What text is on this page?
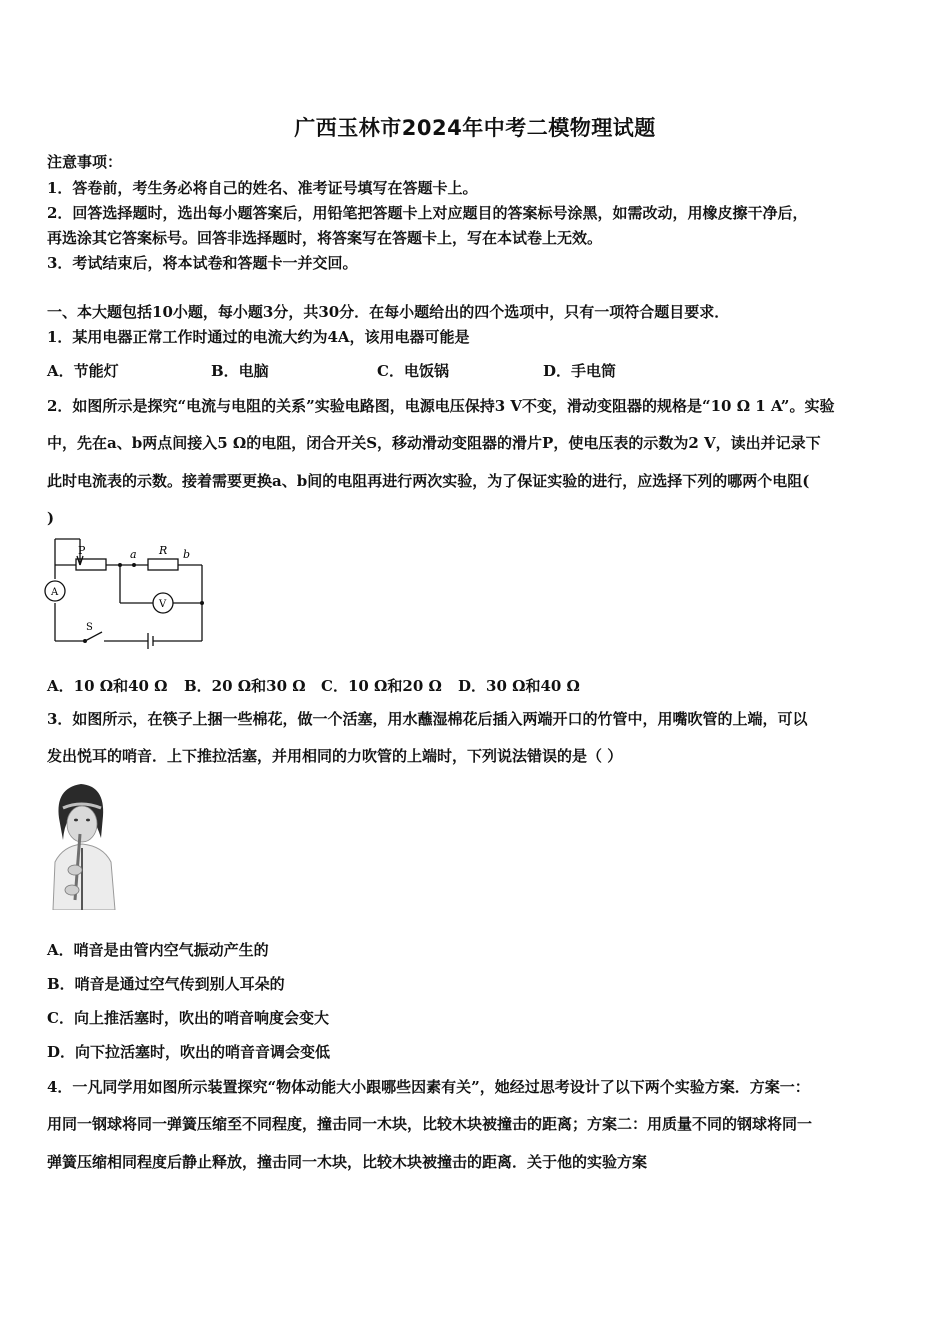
广西玉林市2024年中考二模物理试题
注意事项：
1．答卷前，考生务必将自己的姓名、准考证号填写在答题卡上。
2．回答选择题时，选出每小题答案后，用铅笔把答题卡上对应题目的答案标号涂黑，如需改动，用橡皮擦干净后，
再选涂其它答案标号。回答非选择题时，将答案写在答题卡上，写在本试卷上无效。
3．考试结束后，将本试卷和答题卡一并交回。
一、本大题包括10小题，每小题3分，共30分．在每小题给出的四个选项中，只有一项符合题目要求．
1．某用电器正常工作时通过的电流大约为4A，该用电器可能是
A．节能灯	B．电脑	C．电饭锅	D．手电筒
2．如图所示是探究“电流与电阻的关系”实验电路图，电源电压保持3 V不变，滑动变阻器的规格是“10 Ω 1 A”。实验
中，先在a、b两点间接入5 Ω的电阻，闭合开关S，移动滑动变阻器的滑片P，使电压表的示数为2 V，读出并记录下
此时电流表的示数。接着需要更换a、b间的电阻再进行两次实验，为了保证实验的进行，应选择下列的哪两个电阻(
)
P	a R b
A
V
S
A．10 Ω和40 Ω B．20 Ω和30 Ω C．10 Ω和20 Ω D．30 Ω和40 Ω
3．如图所示，在筷子上捆一些棉花，做一个活塞，用水蘸湿棉花后插入两端开口的竹管中，用嘴吹管的上端，可以
发出悦耳的哨音．上下推拉活塞，并用相同的力吹管的上端时，下列说法错误的是（ ）
A．哨音是由管内空气振动产生的
B．哨音是通过空气传到别人耳朵的
C．向上推活塞时，吹出的哨音响度会变大
D．向下拉活塞时，吹出的哨音音调会变低
4．一凡同学用如图所示装置探究“物体动能大小跟哪些因素有关”，她经过思考设计了以下两个实验方案．方案一：
用同一钢球将同一弹簧压缩至不同程度，撞击同一木块，比较木块被撞击的距离；方案二：用质量不同的钢球将同一
弹簧压缩相同程度后静止释放，撞击同一木块，比较木块被撞击的距离．关于他的实验方案
